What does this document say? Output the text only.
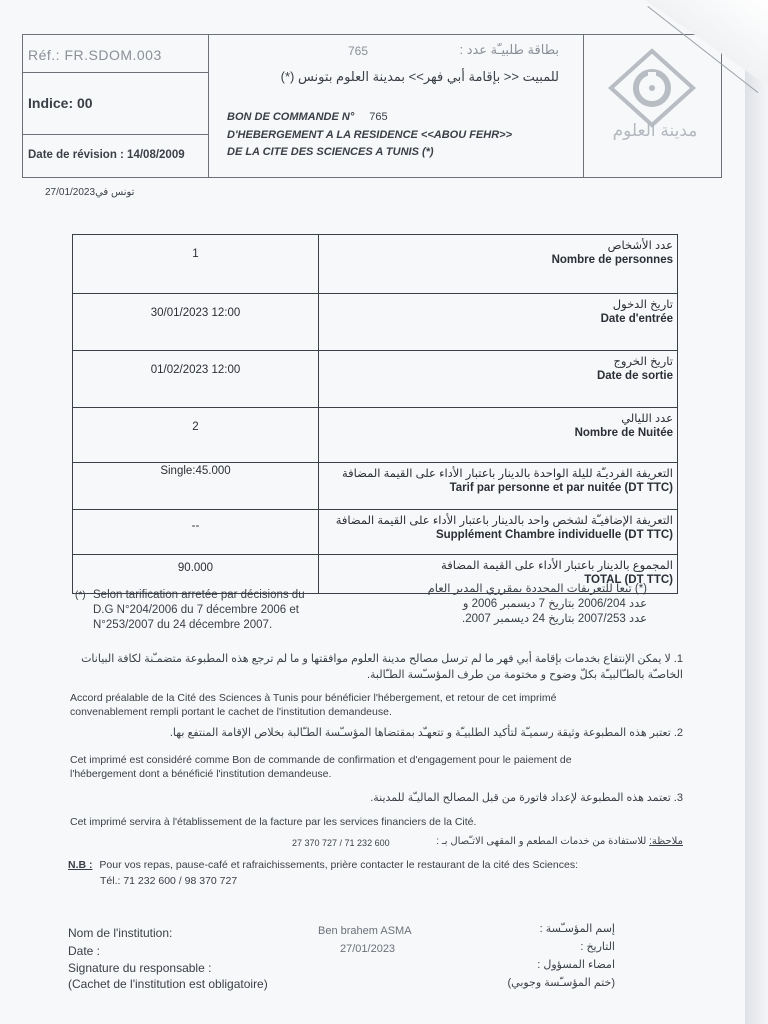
Réf.: FR.SDOM.003
Indice: 00
Date de révision : 14/08/2009
بطاقة طلبيـّة عدد :
765
للمبيت << بإقامة أبي فهر>> بمدينة العلوم بتونس (*)
BON DE COMMANDE N° 765
D'HEBERGEMENT A LA RESIDENCE <<ABOU FEHR>>
DE LA CITE DES SCIENCES A TUNIS (*)
مدينة العلوم
تونس في27/01/2023
1	عدد الأشخاص
Nombre de personnes

30/01/2023 12:00	تاريخ الدخول
Date d'entrée

01/02/2023 12:00	تاريخ الخروج
Date de sortie

2	عدد الليالي
Nombre de Nuitée

Single:45.000	التعريفة الفرديـّة لليلة الواحدة بالدينار باعتبار الأداء على القيمة المضافة
Tarif par personne et par nuitée (DT TTC)

--	التعريفة الإضافيـّة لشخص واحد بالدينار باعتبار الأداء على القيمة المضافة
Supplément Chambre individuelle (DT TTC)

90.000	المجموع بالدينار باعتبار الأداء على القيمة المضافة
TOTAL (DT TTC)
(*) Selon tarification arretée par décisions du
D.G N°204/2006 du 7 décembre 2006 et
N°253/2007 du 24 décembre 2007.
(*) تبعا للتعريفات المحددة بمقرري المدير العام
عدد 2006/204 بتاريخ 7 ديسمبر 2006 و
عدد 2007/253 بتاريخ 24 ديسمبر 2007.
1. لا يمكن الإنتفاع بخدمات بإقامة أبي فهر ما لم ترسل مصالح مدينة العلوم موافقتها و ما لم ترجع هذه المطبوعة متضمـّنة لكافة البيانات
الخاصـّة بالطـّالبيـّة بكلّ وضوح و مختومة من طرف المؤسـّسة الطـّالبة.
Accord préalable de la Cité des Sciences à Tunis pour bénéficier l'hébergement, et retour de cet imprimé
convenablement rempli portant le cachet de l'institution demandeuse.
2. تعتبر هذه المطبوعة وثيقة رسميـّة لتأكيد الطلبيـّة و تتعهـّد بمقتضاها المؤسـّسة الطـّالبة بخلاص الإقامة المنتفع بها.
Cet imprimé est considéré comme Bon de commande de confirmation et d'engagement pour le paiement de
l'hébergement dont a bénéficié l'institution demandeuse.
3. تعتمد هذه المطبوعة لإعداد فاتورة من قبل المصالح الماليـّة للمدينة.
Cet imprimé servira à l'établissement de la facture par les services financiers de la Cité.
ملاحظة: للاستفادة من خدمات المطعم و المقهى الاتـّصال بـ :
27 370 727 / 71 232 600
N.B : Pour vos repas, pause-café et rafraichissements, prière contacter le restaurant de la cité des Sciences:
Tél.: 71 232 600 / 98 370 727
Nom de l'institution:	Ben brahem ASMA	إسم المؤسـّسة :
Date :	27/01/2023	التاريخ :
Signature du responsable :	امضاء المسؤول :
(Cachet de l'institution est obligatoire)	(ختم المؤسـّسة وجوبي)
